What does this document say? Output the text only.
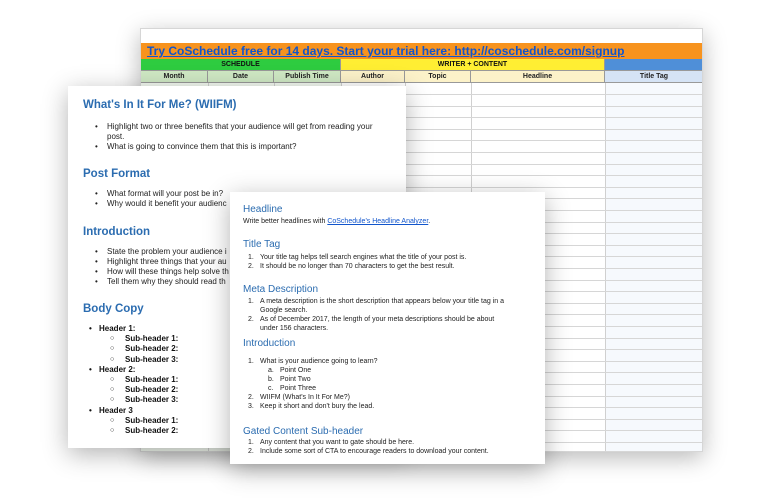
Try CoSchedule free for 14 days. Start your trial here: http://coschedule.com/signup
SCHEDULE	WRITER + CONTENT
Month	Date	Publish Time	Author	Topic	Headline	Title Tag
What's In It For Me? (WIIFM)
• Highlight two or three benefits that your audience will get from reading your
post.
• What is going to convince them that this is important?
Post Format
• What format will your post be in?
• Why would it benefit your audienc
Introduction
• State the problem your audience i
• Highlight three things that your au
• How will these things help solve th
• Tell them why they should read th
Body Copy
• Header 1:
○ Sub-header 1:
○ Sub-header 2:
○ Sub-header 3:
• Header 2:
○ Sub-header 1:
○ Sub-header 2:
○ Sub-header 3:
• Header 3
○ Sub-header 1:
○ Sub-header 2:
Headline
Write better headlines with CoSchedule's Headline Analyzer.
Title Tag
1. Your title tag helps tell search engines what the title of your post is.
2. It should be no longer than 70 characters to get the best result.
Meta Description
1. A meta description is the short description that appears below your title tag in a
Google search.
2. As of December 2017, the length of your meta descriptions should be about
under 156 characters.
Introduction
1. What is your audience going to learn?
a. Point One
b. Point Two
c. Point Three
2. WIIFM (What's In It For Me?)
3. Keep it short and don't bury the lead.
Gated Content Sub-header
1. Any content that you want to gate should be here.
2. Include some sort of CTA to encourage readers to download your content.
